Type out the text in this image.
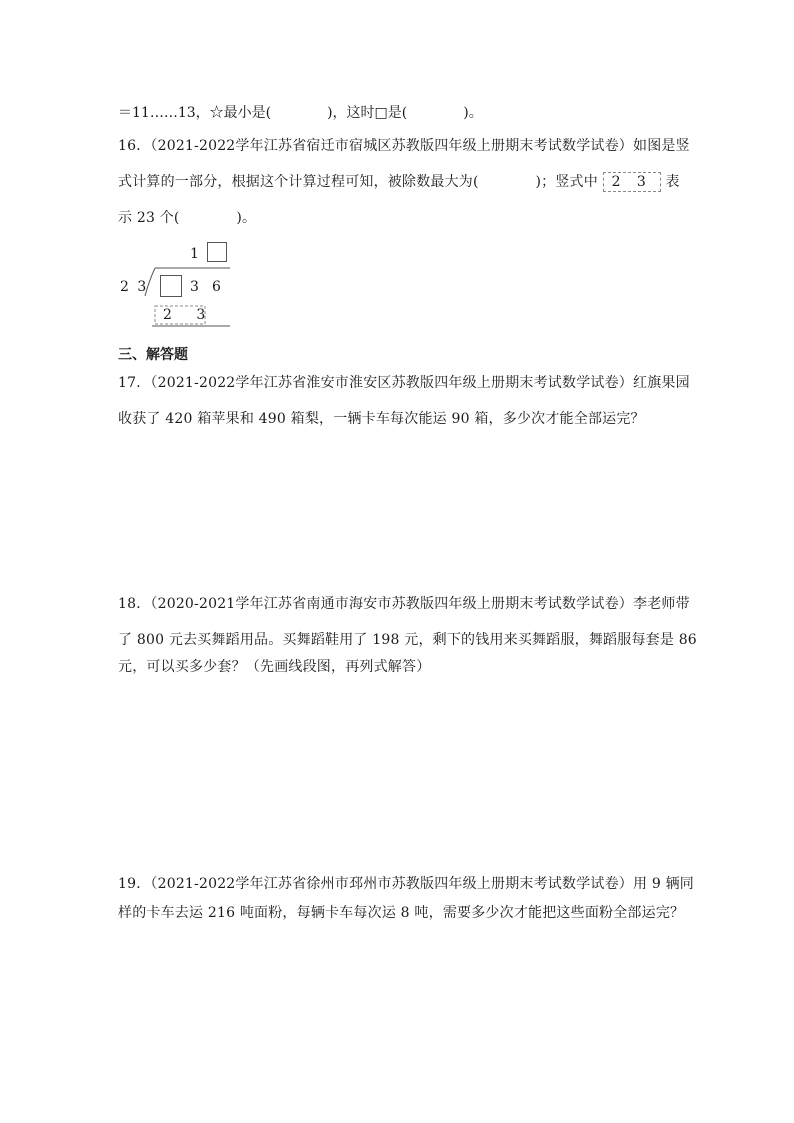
＝11……13，☆最小是(　　　　)，这时□是(　　　　)。
16．（2021-2022学年江苏省宿迁市宿城区苏教版四年级上册期末考试数学试卷）如图是竖
式计算的一部分，根据这个计算过程可知，被除数最大为(　　　　)；竖式中 2 3 表
示 23 个(　　　　)。
1
2 3	3 6
2 3
三、解答题
17．（2021-2022学年江苏省淮安市淮安区苏教版四年级上册期末考试数学试卷）红旗果园
收获了 420 箱苹果和 490 箱梨，一辆卡车每次能运 90 箱，多少次才能全部运完？
18．（2020-2021学年江苏省南通市海安市苏教版四年级上册期末考试数学试卷）李老师带
了 800 元去买舞蹈用品。买舞蹈鞋用了 198 元，剩下的钱用来买舞蹈服，舞蹈服每套是 86
元，可以买多少套？（先画线段图，再列式解答）
19．（2021-2022学年江苏省徐州市邳州市苏教版四年级上册期末考试数学试卷）用 9 辆同
样的卡车去运 216 吨面粉，每辆卡车每次运 8 吨，需要多少次才能把这些面粉全部运完？
